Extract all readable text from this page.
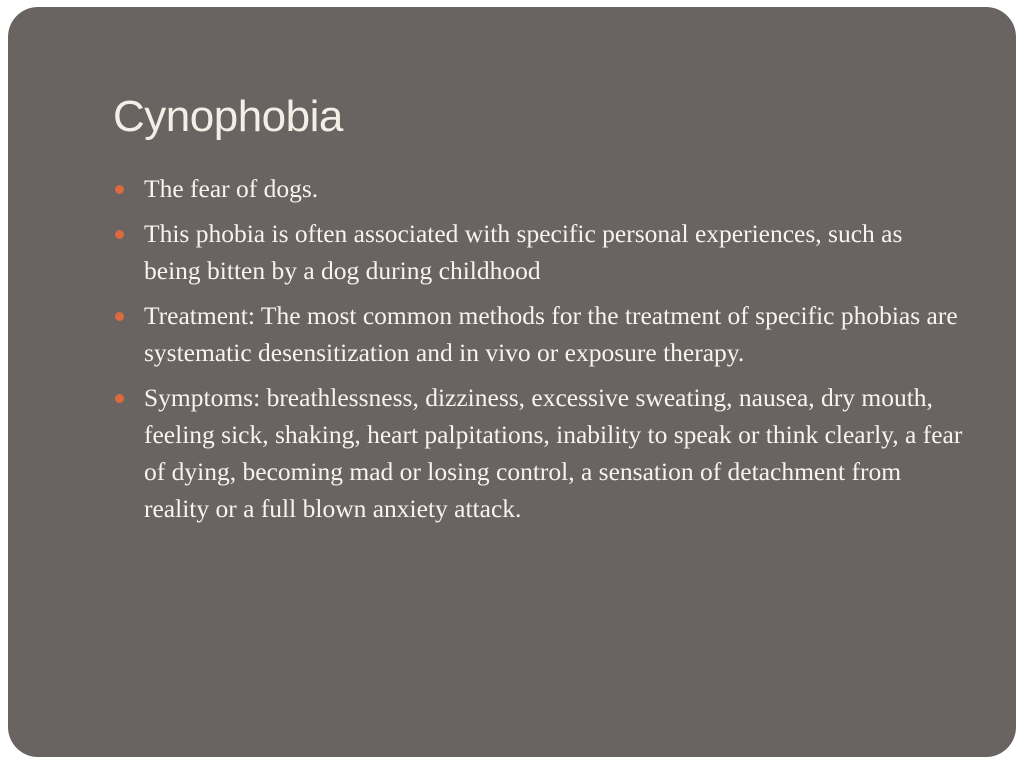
Cynophobia
The fear of dogs.
This phobia is often associated with specific personal experiences, such as being bitten by a dog during childhood
Treatment: The most common methods for the treatment of specific phobias are systematic desensitization and in vivo or exposure therapy.
Symptoms: breathlessness, dizziness, excessive sweating, nausea, dry mouth, feeling sick, shaking, heart palpitations, inability to speak or think clearly, a fear of dying, becoming mad or losing control, a sensation of detachment from reality or a full blown anxiety attack.
